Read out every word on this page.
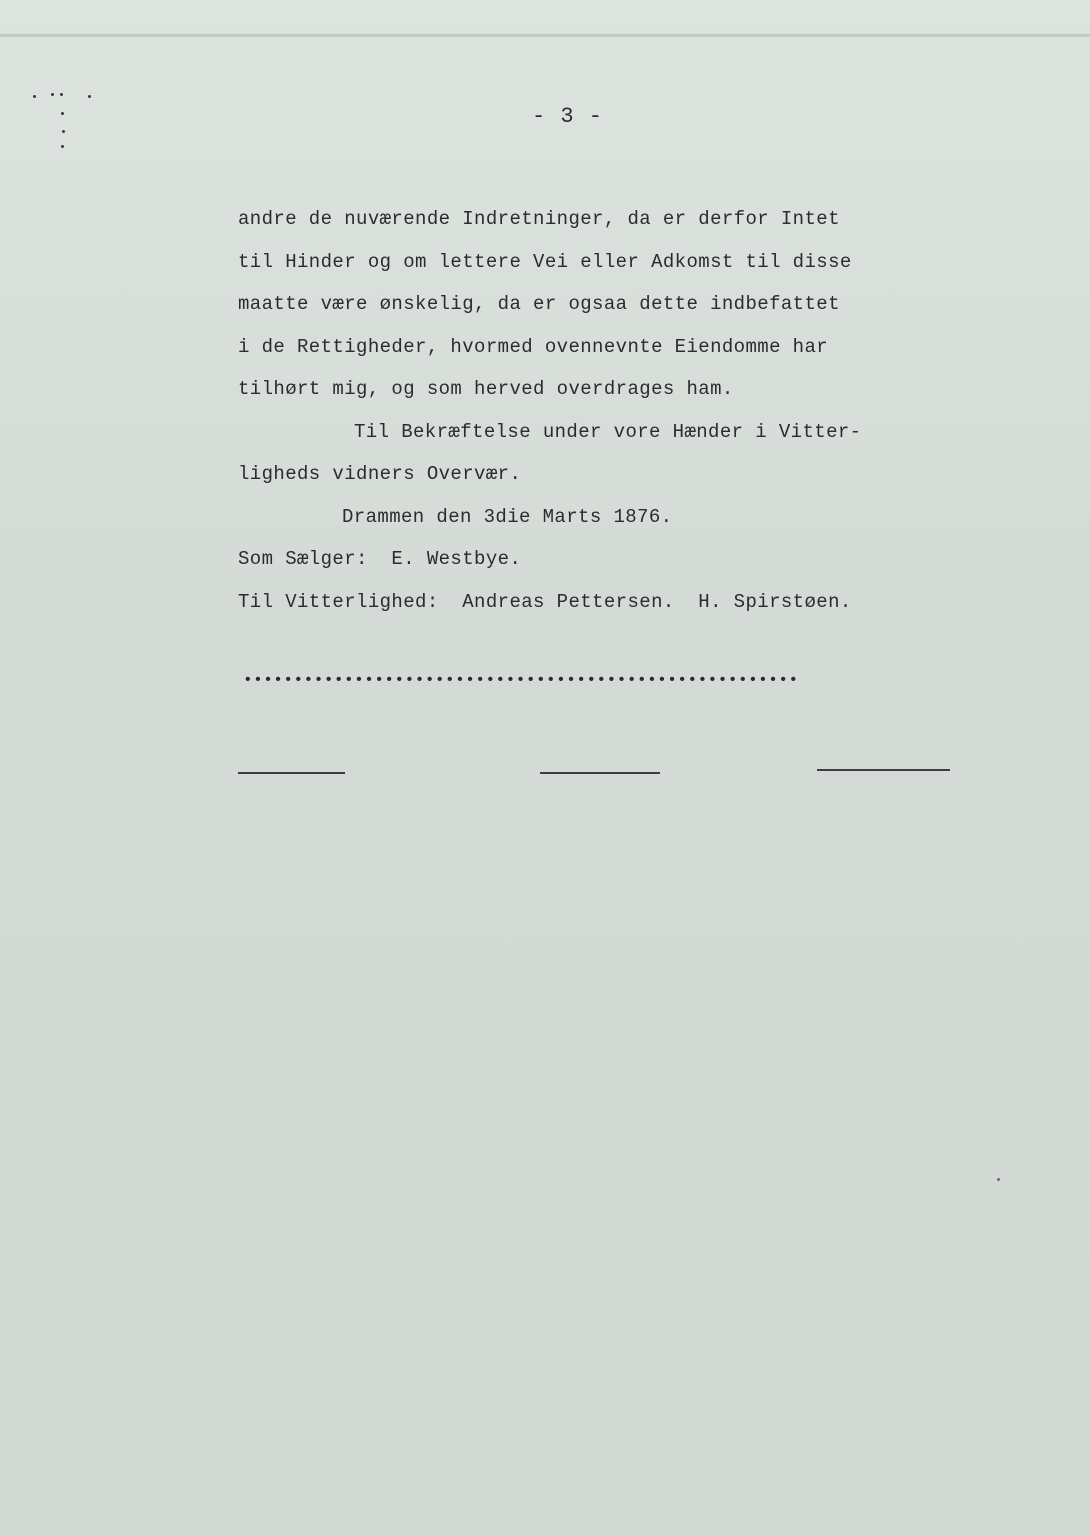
- 3 -
andre de nuværende Indretninger, da er derfor Intet
til Hinder og om lettere Vei eller Adkomst til disse
maatte være ønskelig, da er ogsaa dette indbefattet
i de Rettigheder, hvormed ovennevnte Eiendomme har
tilhørt mig, og som herved overdrages ham.
Til Bekræftelse under vore Hænder i Vitter-
ligheds vidners Overvær.
Drammen den 3die Marts 1876.
Som Sælger:  E. Westbye.
Til Vitterlighed:  Andreas Pettersen.  H. Spirstøen.
•••••••••••••••••••••••••••••••••••••••••••••••••••••••
